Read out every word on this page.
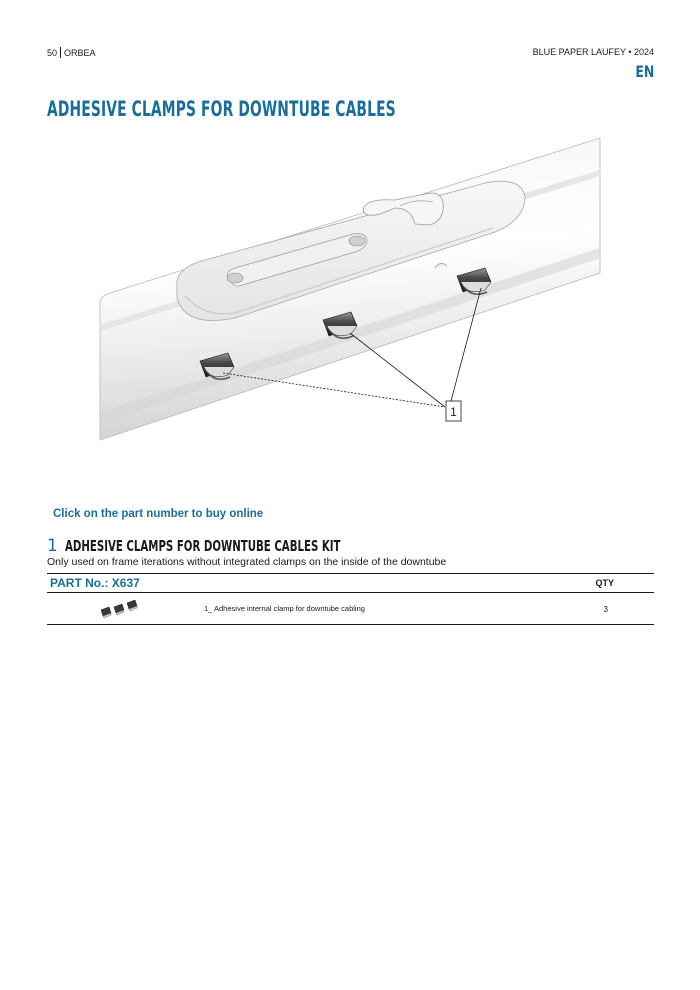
50 ORBEA	BLUE PAPER LAUFEY • 2024
EN
ADHESIVE CLAMPS FOR DOWNTUBE CABLES
1
Click on the part number to buy online
1 ADHESIVE CLAMPS FOR DOWNTUBE CABLES KIT
Only used on frame iterations without integrated clamps on the inside of the downtube
PART No.: X637	QTY
1_ Adhesive internal clamp for downtube cabling	3
